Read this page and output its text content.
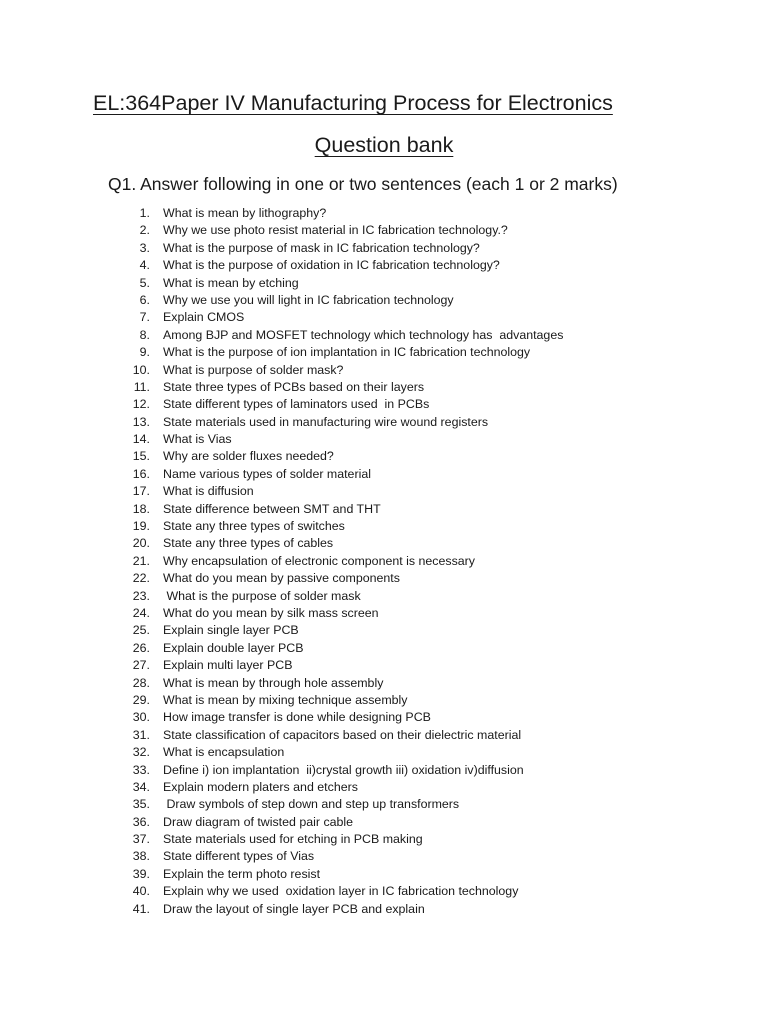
EL:364Paper IV Manufacturing Process for Electronics
Question bank
Q1. Answer following in one or two sentences (each 1 or 2 marks)
1. What is mean by lithography?
2. Why we use photo resist material in IC fabrication technology.?
3. What is the purpose of mask in IC fabrication technology?
4. What is the purpose of oxidation in IC fabrication technology?
5. What is mean by etching
6. Why we use you will light in IC fabrication technology
7. Explain CMOS
8. Among BJP and MOSFET technology which technology has  advantages
9. What is the purpose of ion implantation in IC fabrication technology
10. What is purpose of solder mask?
11. State three types of PCBs based on their layers
12. State different types of laminators used  in PCBs
13. State materials used in manufacturing wire wound registers
14. What is Vias
15. Why are solder fluxes needed?
16. Name various types of solder material
17. What is diffusion
18. State difference between SMT and THT
19. State any three types of switches
20. State any three types of cables
21. Why encapsulation of electronic component is necessary
22. What do you mean by passive components
23. What is the purpose of solder mask
24. What do you mean by silk mass screen
25. Explain single layer PCB
26. Explain double layer PCB
27. Explain multi layer PCB
28. What is mean by through hole assembly
29. What is mean by mixing technique assembly
30. How image transfer is done while designing PCB
31. State classification of capacitors based on their dielectric material
32. What is encapsulation
33. Define i) ion implantation  ii)crystal growth iii) oxidation iv)diffusion
34. Explain modern platers and etchers
35. Draw symbols of step down and step up transformers
36. Draw diagram of twisted pair cable
37. State materials used for etching in PCB making
38. State different types of Vias
39. Explain the term photo resist
40. Explain why we used  oxidation layer in IC fabrication technology
41. Draw the layout of single layer PCB and explain
